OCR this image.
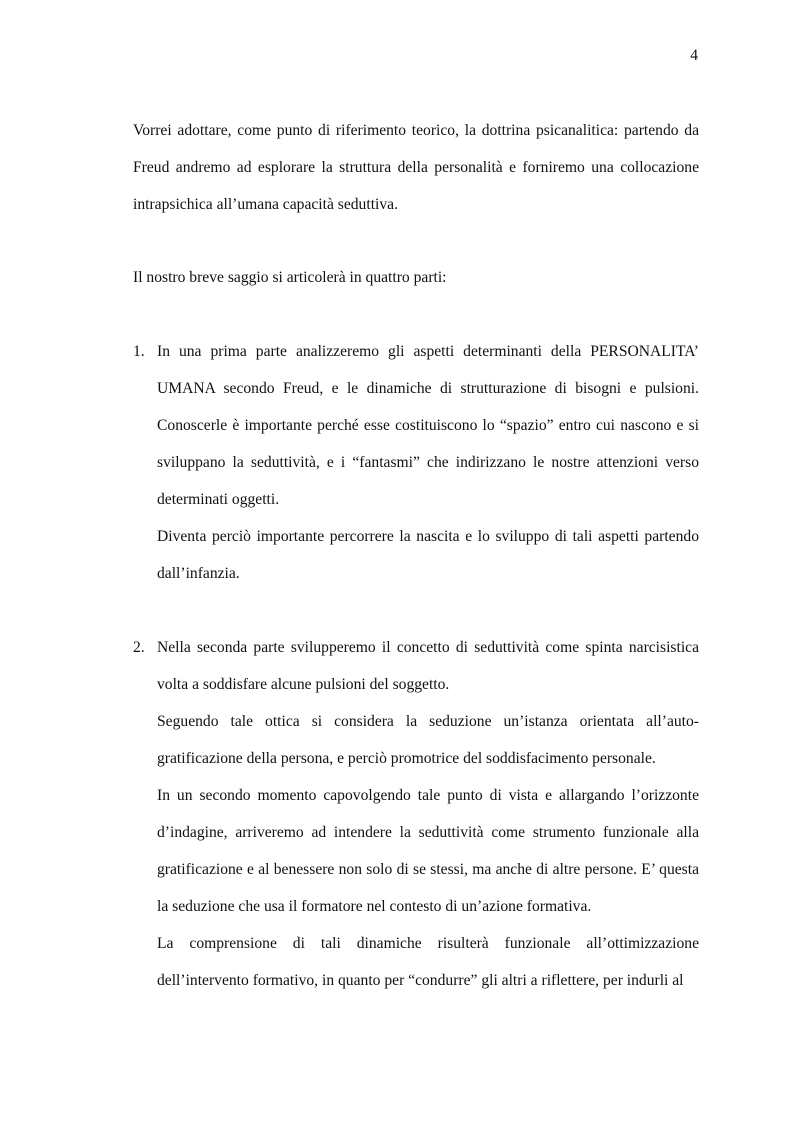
4

Vorrei adottare, come punto di riferimento teorico, la dottrina psicanalitica: partendo da Freud andremo ad esplorare la struttura della personalità e forniremo una collocazione intrapsichica all’umana capacità seduttiva.

Il nostro breve saggio si articolerà in quattro parti:

1. In una prima parte analizzeremo gli aspetti determinanti della PERSONALITA’ UMANA secondo Freud, e le dinamiche di strutturazione di bisogni e pulsioni. Conoscerle è importante perché esse costituiscono lo “spazio” entro cui nascono e si sviluppano la seduttività, e i “fantasmi” che indirizzano le nostre attenzioni verso determinati oggetti.

Diventa perciò importante percorrere la nascita e lo sviluppo di tali aspetti partendo dall’infanzia.

2. Nella seconda parte svilupperemo il concetto di seduttività come spinta narcisistica volta a soddisfare alcune pulsioni del soggetto.

Seguendo tale ottica si considera la seduzione un’istanza orientata all’auto-gratificazione della persona, e perciò promotrice del soddisfacimento personale.

In un secondo momento capovolgendo tale punto di vista e allargando l’orizzonte d’indagine, arriveremo ad intendere la seduttività come strumento funzionale alla gratificazione e al benessere non solo di se stessi, ma anche di altre persone. E’ questa la seduzione che usa il formatore nel contesto di un’azione formativa.

La comprensione di tali dinamiche risulterà funzionale all’ottimizzazione dell’intervento formativo, in quanto per “condurre” gli altri a riflettere, per indurli al
